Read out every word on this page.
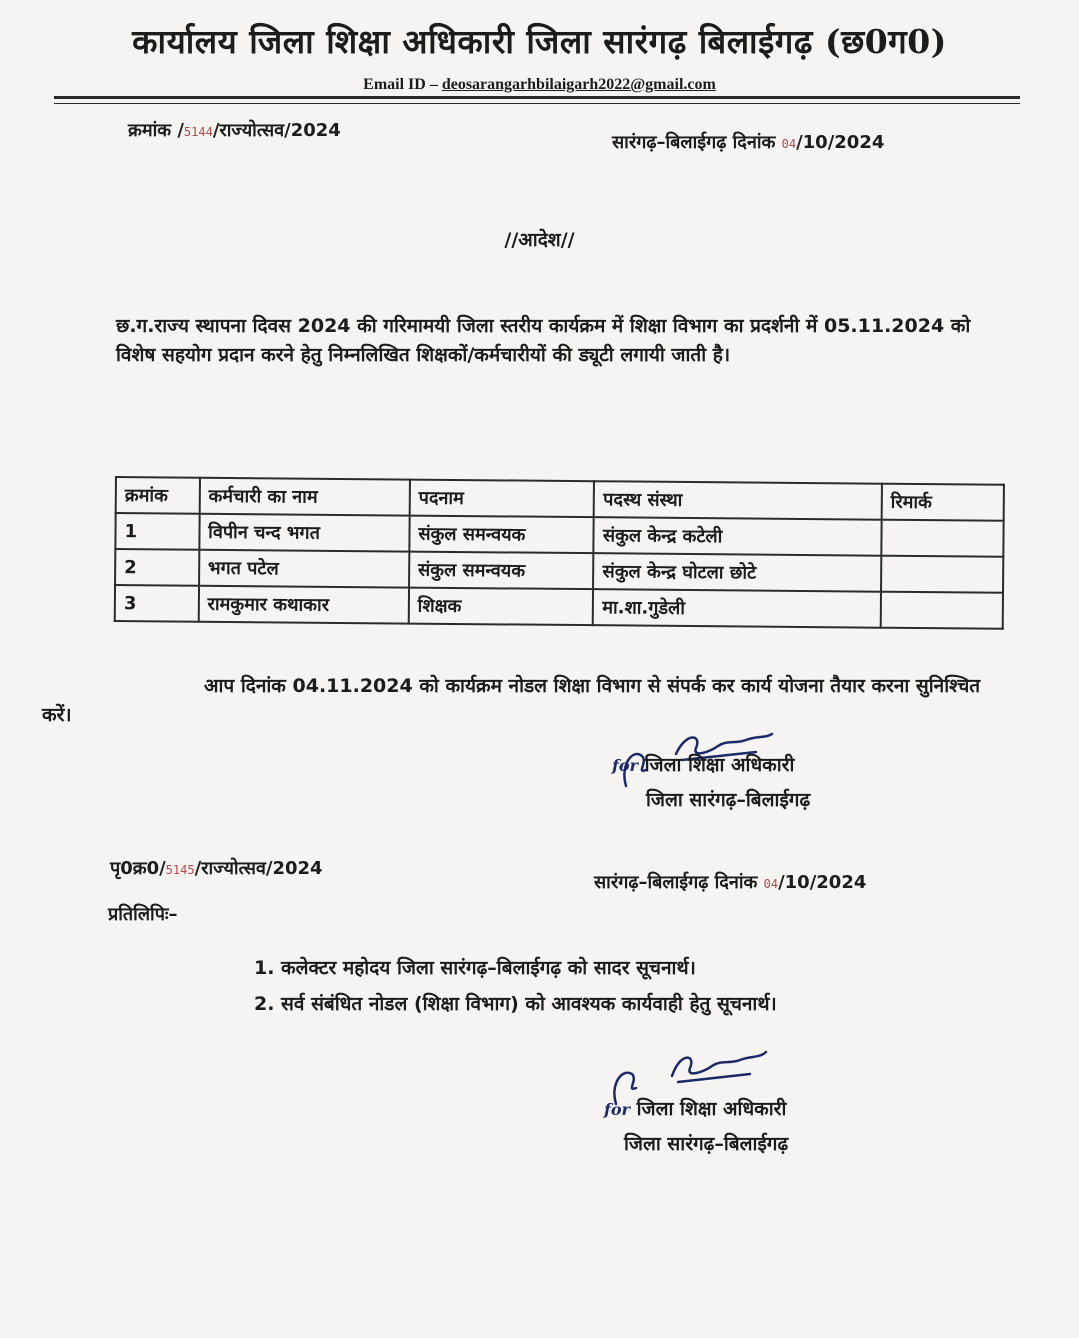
कार्यालय जिला शिक्षा अधिकारी जिला सारंगढ़ बिलाईगढ़ (छ0ग0)
Email ID – deosarangarhbilaigarh2022@gmail.com
क्रमांक /5144/राज्योत्सव/2024
सारंगढ़–बिलाईगढ़ दिनांक 04/10/2024
//आदेश//
छ.ग.राज्य स्थापना दिवस 2024 की गरिमामयी जिला स्तरीय कार्यक्रम में शिक्षा विभाग का प्रदर्शनी में 05.11.2024 को विशेष सहयोग प्रदान करने हेतु निम्नलिखित शिक्षकों/कर्मचारीयों की ड्यूटी लगायी जाती है।
क्रमांक	कर्मचारी का नाम	पदनाम	पदस्थ संस्था	रिमार्क
1	विपीन चन्द भगत	संकुल समन्वयक	संकुल केन्द्र कटेली	
2	भगत पटेल	संकुल समन्वयक	संकुल केन्द्र घोटला छोटे	
3	रामकुमार कथाकार	शिक्षक	मा.शा.गुडेली	
आप दिनांक 04.11.2024 को कार्यक्रम नोडल शिक्षा विभाग से संपर्क कर कार्य योजना तैयार करना सुनिश्चित करें।
for जिला शिक्षा अधिकारी
जिला सारंगढ़–बिलाईगढ़
पृ0क्र0/5145/राज्योत्सव/2024
सारंगढ़–बिलाईगढ़ दिनांक 04/10/2024
प्रतिलिपिः–
1. कलेक्टर महोदय जिला सारंगढ़–बिलाईगढ़ को सादर सूचनार्थ।
2. सर्व संबंधित नोडल (शिक्षा विभाग) को आवश्यक कार्यवाही हेतु सूचनार्थ।
for जिला शिक्षा अधिकारी
जिला सारंगढ़–बिलाईगढ़
